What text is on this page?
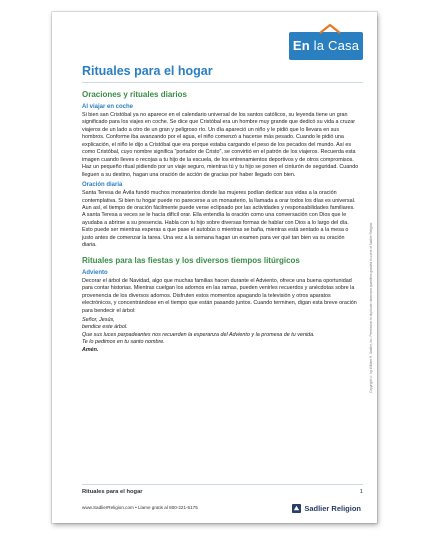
En la Casa
Rituales para el hogar
Oraciones y rituales diarios
Al viajar en coche

Si bien san Cristóbal ya no aparece en el calendario universal de los santos católicos, su leyenda tiene un gran significado para los viajes en coche. Se dice que Cristóbal era un hombre muy grande que dedicó su vida a cruzar viajeros de un lado a otro de un gran y peligroso río. Un día apareció un niño y le pidió que lo llevara en sus hombros. Conforme iba avanzando por el agua, el niño comenzó a hacerse más pesado. Cuando le pidió una explicación, el niño le dijo a Cristóbal que era porque estaba cargando el peso de los pecados del mundo. Así es como Cristóbal, cuyo nombre significa “portador de Cristo”, se convirtió en el patrón de los viajeros. Recuerda esta imagen cuando lleves o recojas a tu hijo de la escuela, de los entrenamientos deportivos y de otros compromisos. Haz un pequeño ritual pidiendo por un viaje seguro, mientras tú y tu hijo se ponen el cinturón de seguridad. Cuando lleguen a su destino, hagan una oración de acción de gracias por haber llegado con bien.

Oración diaria

Santa Teresa de Ávila fundó muchos monasterios donde las mujeres podían dedicar sus vidas a la oración contemplativa. Si bien tu hogar puede no parecerse a un monasterio, la llamada a orar todos los días es universal. Aun así, el tiempo de oración fácilmente puede verse eclipsado por las actividades y responsabilidades familiares. A santa Teresa a veces se le hacía difícil orar. Ella entendía la oración como una conversación con Dios que le ayudaba a abrirse a su presencia. Habla con tu hijo sobre diversas formas de hablar con Dios a lo largo del día. Esto puede ser mientras esperas a que pase el autobús o mientras se baña, mientras está sentado a la mesa o justo antes de comenzar la tarea. Una vez a la semana hagan un examen para ver qué tan bien va su oración diaria.

Rituales para las fiestas y los diversos tiempos litúrgicos
Adviento

Decorar el árbol de Navidad, algo que muchas familias hacen durante el Adviento, ofrece una buena oportunidad para contar historias. Mientras cuelgan los adornos en las ramas, pueden venirles recuerdos y anécdotas sobre la provenencia de los diversos adornos. Disfruten estos momentos apagando la televisión y otros aparatos electrónicos, y concentrándose en el tiempo que están pasando juntos. Cuando terminen, digan esta breve oración para bendecir el árbol:

Señor, Jesús,
bendice este árbol.
Que sus luces parpadeantes nos recuerden la esperanza del Adviento y la promesa de tu venida.
Te lo pedimos en tu santo nombre.
Amén.
Rituales para el hogar	1
www.SadlierReligion.com • Llame gratis al 800-221-5175	Sadlier Religion
Copyright © by William H. Sadlier, Inc. Permission to duplicate classroom quantities granted to users of Sadlier Religion.
